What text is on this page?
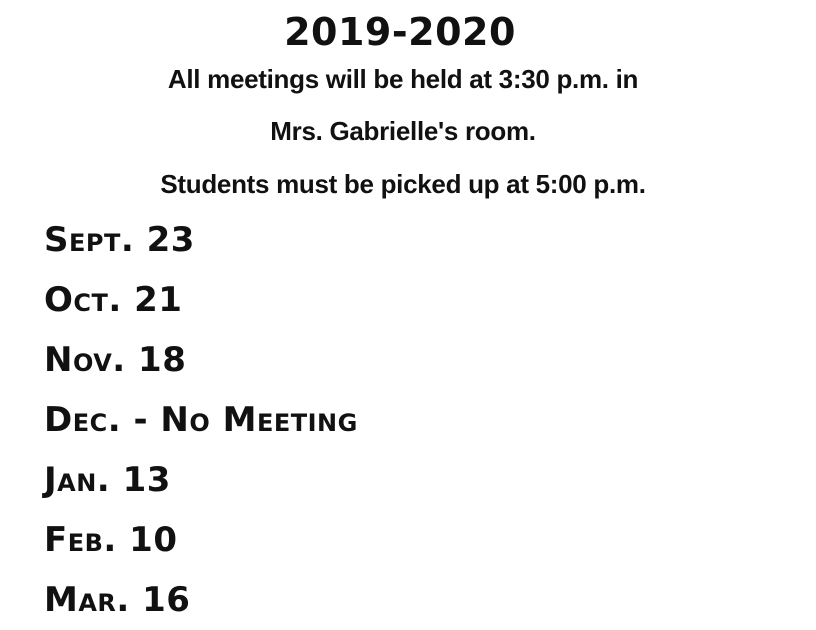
2019-2020
All meetings will be held at 3:30 p.m. in
Mrs. Gabrielle's room.
Students must be picked up at 5:00 p.m.
Sept. 23
Oct. 21
Nov. 18
Dec. - No Meeting
Jan. 13
Feb. 10
Mar. 16
